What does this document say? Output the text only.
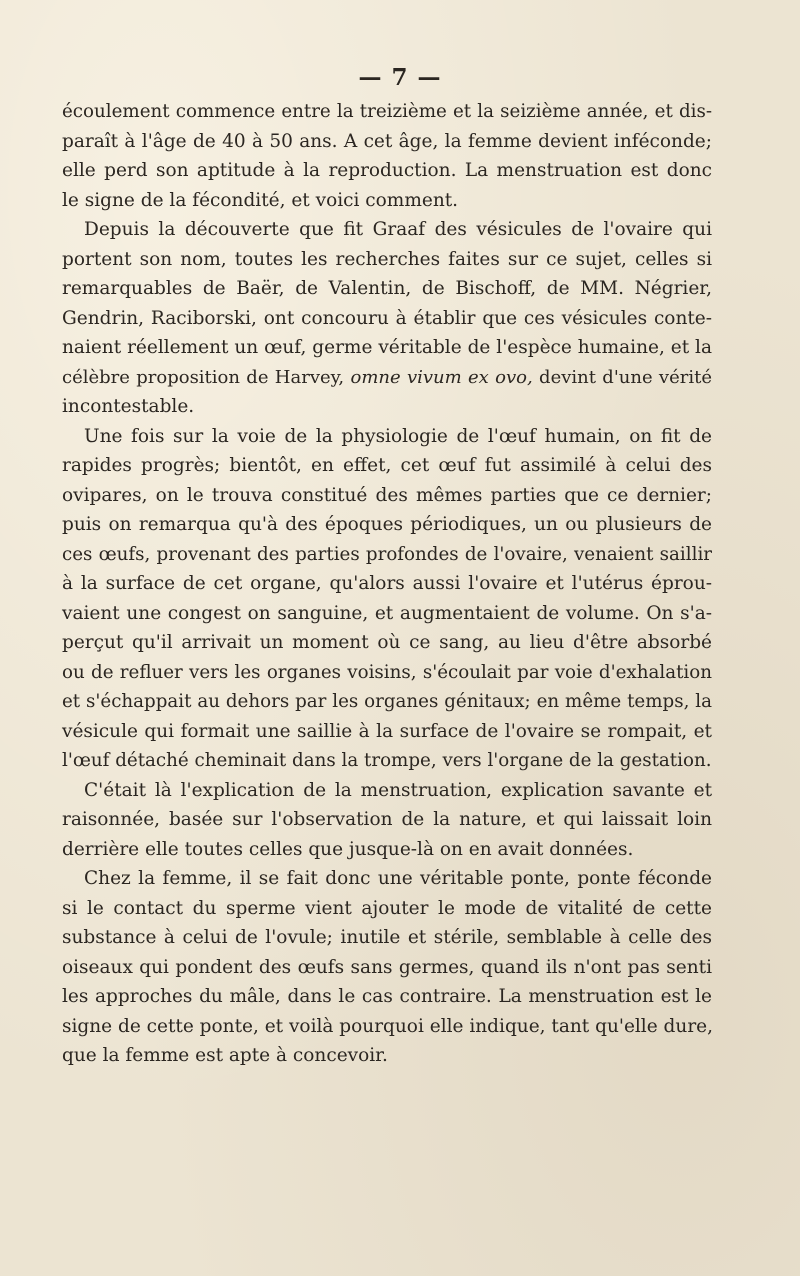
— 7 —
écoulement commence entre la treizième et la seizième année, et dis-
paraît à l'âge de 40 à 50 ans. A cet âge, la femme devient inféconde;
elle perd son aptitude à la reproduction. La menstruation est donc
le signe de la fécondité, et voici comment.
Depuis la découverte que fit Graaf des vésicules de l'ovaire qui
portent son nom, toutes les recherches faites sur ce sujet, celles si
remarquables de Baër, de Valentin, de Bischoff, de MM. Négrier,
Gendrin, Raciborski, ont concouru à établir que ces vésicules conte-
naient réellement un œuf, germe véritable de l'espèce humaine, et la
célèbre proposition de Harvey, omne vivum ex ovo, devint d'une vérité
incontestable.
Une fois sur la voie de la physiologie de l'œuf humain, on fit de
rapides progrès; bientôt, en effet, cet œuf fut assimilé à celui des
ovipares, on le trouva constitué des mêmes parties que ce dernier;
puis on remarqua qu'à des époques périodiques, un ou plusieurs de
ces œufs, provenant des parties profondes de l'ovaire, venaient saillir
à la surface de cet organe, qu'alors aussi l'ovaire et l'utérus éprou-
vaient une congest on sanguine, et augmentaient de volume. On s'a-
perçut qu'il arrivait un moment où ce sang, au lieu d'être absorbé
ou de refluer vers les organes voisins, s'écoulait par voie d'exhalation
et s'échappait au dehors par les organes génitaux; en même temps, la
vésicule qui formait une saillie à la surface de l'ovaire se rompait, et
l'œuf détaché cheminait dans la trompe, vers l'organe de la gestation.
C'était là l'explication de la menstruation, explication savante et
raisonnée, basée sur l'observation de la nature, et qui laissait loin
derrière elle toutes celles que jusque-là on en avait données.
Chez la femme, il se fait donc une véritable ponte, ponte féconde
si le contact du sperme vient ajouter le mode de vitalité de cette
substance à celui de l'ovule; inutile et stérile, semblable à celle des
oiseaux qui pondent des œufs sans germes, quand ils n'ont pas senti
les approches du mâle, dans le cas contraire. La menstruation est le
signe de cette ponte, et voilà pourquoi elle indique, tant qu'elle dure,
que la femme est apte à concevoir.
